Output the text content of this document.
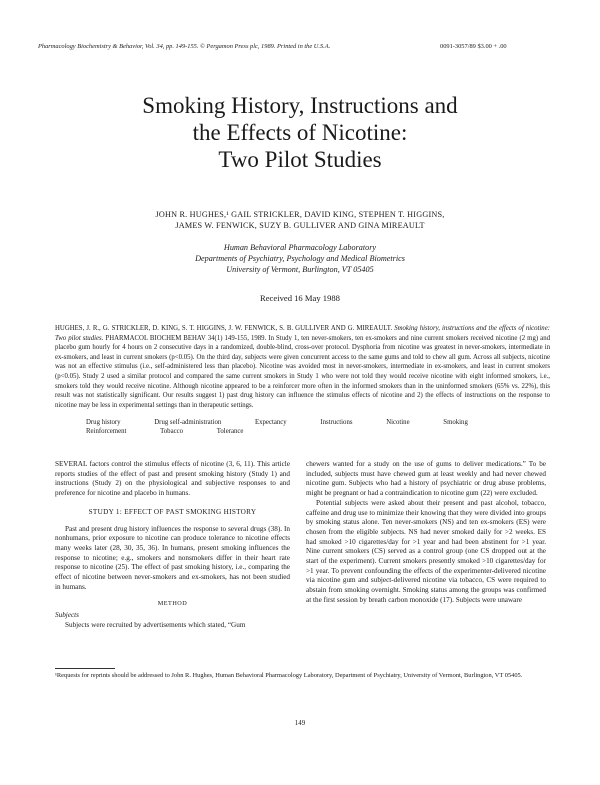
Pharmacology Biochemistry & Behavior, Vol. 34, pp. 149-155. © Pergamon Press plc, 1989. Printed in the U.S.A.	0091-3057/89 $3.00 + .00
Smoking History, Instructions and
the Effects of Nicotine:
Two Pilot Studies
JOHN R. HUGHES,¹ GAIL STRICKLER, DAVID KING, STEPHEN T. HIGGINS,
JAMES W. FENWICK, SUZY B. GULLIVER AND GINA MIREAULT
Human Behavioral Pharmacology Laboratory
Departments of Psychiatry, Psychology and Medical Biometrics
University of Vermont, Burlington, VT 05405
Received 16 May 1988
HUGHES, J. R., G. STRICKLER, D. KING, S. T. HIGGINS, J. W. FENWICK, S. B. GULLIVER AND G. MIREAULT. Smoking history, instructions and the effects of nicotine: Two pilot studies. PHARMACOL BIOCHEM BEHAV 34(1) 149-155, 1989. In Study 1, ten never-smokers, ten ex-smokers and nine current smokers received nicotine (2 mg) and placebo gum hourly for 4 hours on 2 consecutive days in a randomized, double-blind, cross-over protocol. Dysphoria from nicotine was greatest in never-smokers, intermediate in ex-smokers, and least in current smokers (p<0.05). On the third day, subjects were given concurrent access to the same gums and told to chew all gum. Across all subjects, nicotine was not an effective stimulus (i.e., self-administered less than placebo). Nicotine was avoided most in never-smokers, intermediate in ex-smokers, and least in current smokers (p<0.05). Study 2 used a similar protocol and compared the same current smokers in Study 1 who were not told they would receive nicotine with eight informed smokers, i.e., smokers told they would receive nicotine. Although nicotine appeared to be a reinforcer more often in the informed smokers than in the uninformed smokers (65% vs. 22%), this result was not statistically significant. Our results suggest 1) past drug history can influence the stimulus effects of nicotine and 2) the effects of instructions on the response to nicotine may be less in experimental settings than in therapeutic settings.
Drug history	Drug self-administration	Expectancy	Instructions	Nicotine	Smoking Reinforcement	Tobacco	Tolerance

SEVERAL factors control the stimulus effects of nicotine (3, 6, 11). This article reports studies of the effect of past and present smoking history (Study 1) and instructions (Study 2) on the physiological and subjective responses to and preference for nicotine and placebo in humans.

STUDY 1: EFFECT OF PAST SMOKING HISTORY

Past and present drug history influences the response to several drugs (38). In nonhumans, prior exposure to nicotine can produce tolerance to nicotine effects many weeks later (28, 30, 35, 36). In humans, present smoking influences the response to nicotine; e.g., smokers and nonsmokers differ in their heart rate response to nicotine (25). The effect of past smoking history, i.e., comparing the effect of nicotine between never-smokers and ex-smokers, has not been studied in humans.

METHOD

Subjects

Subjects were recruited by advertisements which stated, “Gum

chewers wanted for a study on the use of gums to deliver medications.” To be included, subjects must have chewed gum at least weekly and had never chewed nicotine gum. Subjects who had a history of psychiatric or drug abuse problems, might be pregnant or had a contraindication to nicotine gum (22) were excluded.

Potential subjects were asked about their present and past alcohol, tobacco, caffeine and drug use to minimize their knowing that they were divided into groups by smoking status alone. Ten never-smokers (NS) and ten ex-smokers (ES) were chosen from the eligible subjects. NS had never smoked daily for >2 weeks. ES had smoked >10 cigarettes/day for >1 year and had been abstinent for >1 year. Nine current smokers (CS) served as a control group (one CS dropped out at the start of the experiment). Current smokers presently smoked >10 cigarettes/day for >1 year. To prevent confounding the effects of the experimenter-delivered nicotine via nicotine gum and subject-delivered nicotine via tobacco, CS were required to abstain from smoking overnight. Smoking status among the groups was confirmed at the first session by breath carbon monoxide (17). Subjects were unaware

¹Requests for reprints should be addressed to John R. Hughes, Human Behavioral Pharmacology Laboratory, Department of Psychiatry, University of Vermont, Burlington, VT 05405.
149
